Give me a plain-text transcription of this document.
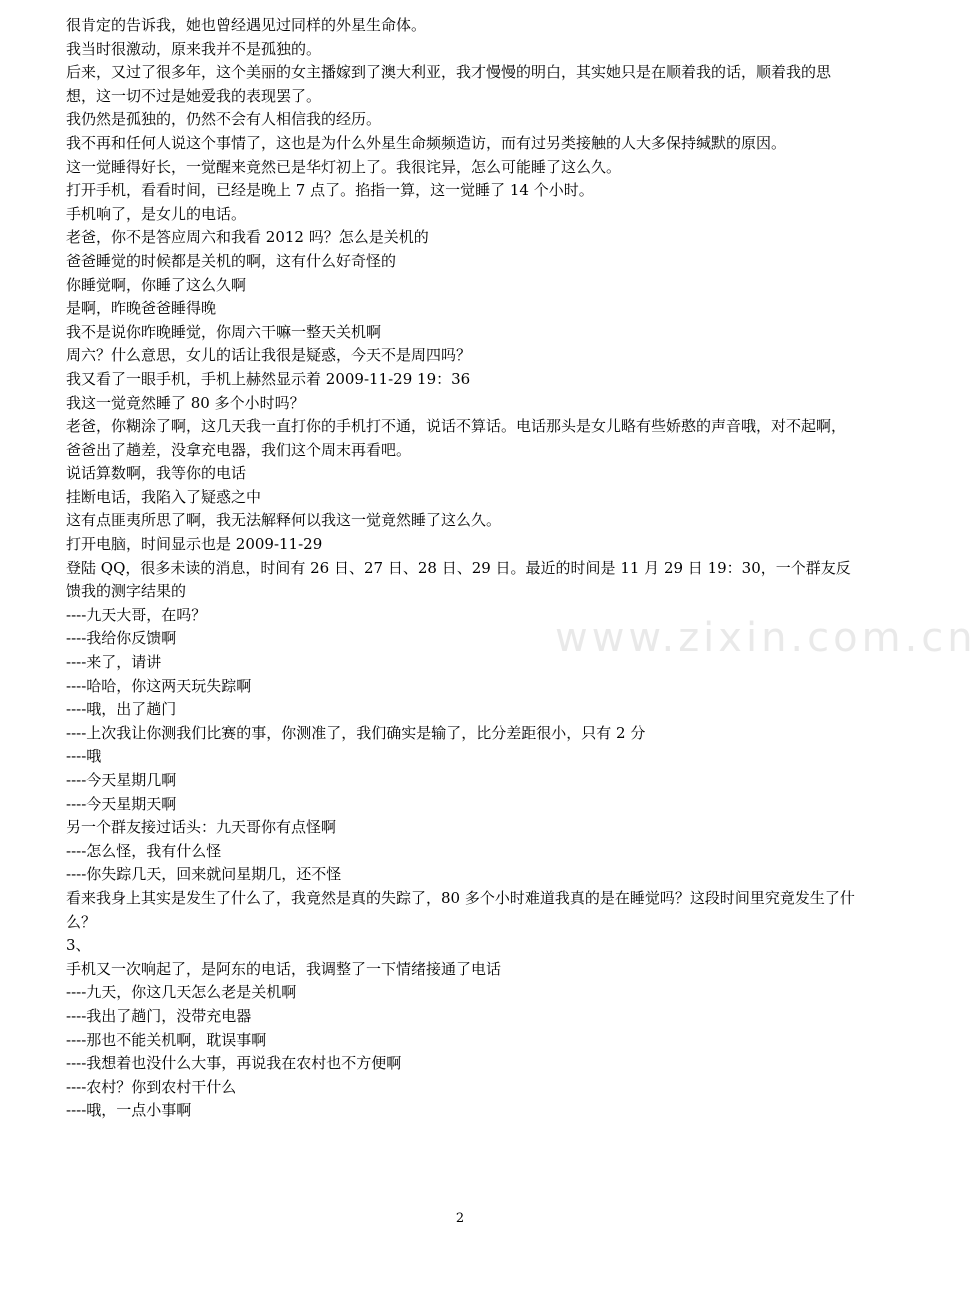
很肯定的告诉我，她也曾经遇见过同样的外星生命体。

我当时很激动，原来我并不是孤独的。

后来，又过了很多年，这个美丽的女主播嫁到了澳大利亚，我才慢慢的明白，其实她只是在顺着我的话，顺着我的思想，这一切不过是她爱我的表现罢了。

我仍然是孤独的，仍然不会有人相信我的经历。

我不再和任何人说这个事情了，这也是为什么外星生命频频造访，而有过另类接触的人大多保持缄默的原因。

这一觉睡得好长，一觉醒来竟然已是华灯初上了。我很诧异，怎么可能睡了这么久。

打开手机，看看时间，已经是晚上 7 点了。掐指一算，这一觉睡了 14 个小时。

手机响了，是女儿的电话。

老爸，你不是答应周六和我看 2012 吗？怎么是关机的

爸爸睡觉的时候都是关机的啊，这有什么好奇怪的

你睡觉啊，你睡了这么久啊

是啊，昨晚爸爸睡得晚

我不是说你昨晚睡觉，你周六干嘛一整天关机啊

周六？什么意思，女儿的话让我很是疑惑，今天不是周四吗？

我又看了一眼手机，手机上赫然显示着 2009-11-29 19：36

我这一觉竟然睡了 80 多个小时吗？

老爸，你糊涂了啊，这几天我一直打你的手机打不通，说话不算话。电话那头是女儿略有些娇憨的声音哦，对不起啊，爸爸出了趟差，没拿充电器，我们这个周末再看吧。

说话算数啊，我等你的电话

挂断电话，我陷入了疑惑之中

这有点匪夷所思了啊，我无法解释何以我这一觉竟然睡了这么久。

打开电脑，时间显示也是 2009-11-29

登陆 QQ，很多未读的消息，时间有 26 日、27 日、28 日、29 日。最近的时间是 11 月 29 日 19：30，一个群友反馈我的测字结果的

----九天大哥，在吗？

----我给你反馈啊

----来了，请讲

----哈哈，你这两天玩失踪啊

----哦，出了趟门

----上次我让你测我们比赛的事，你测准了，我们确实是输了，比分差距很小，只有 2 分

----哦

----今天星期几啊

----今天星期天啊

另一个群友接过话头：九天哥你有点怪啊

----怎么怪，我有什么怪

----你失踪几天，回来就问星期几，还不怪

看来我身上其实是发生了什么了，我竟然是真的失踪了，80 多个小时难道我真的是在睡觉吗？这段时间里究竟发生了什么？

3、

手机又一次响起了，是阿东的电话，我调整了一下情绪接通了电话

----九天，你这几天怎么老是关机啊

----我出了趟门，没带充电器

----那也不能关机啊，耽误事啊

----我想着也没什么大事，再说我在农村也不方便啊

----农村？你到农村干什么

----哦，一点小事啊

www.zixin.com.cn
2
